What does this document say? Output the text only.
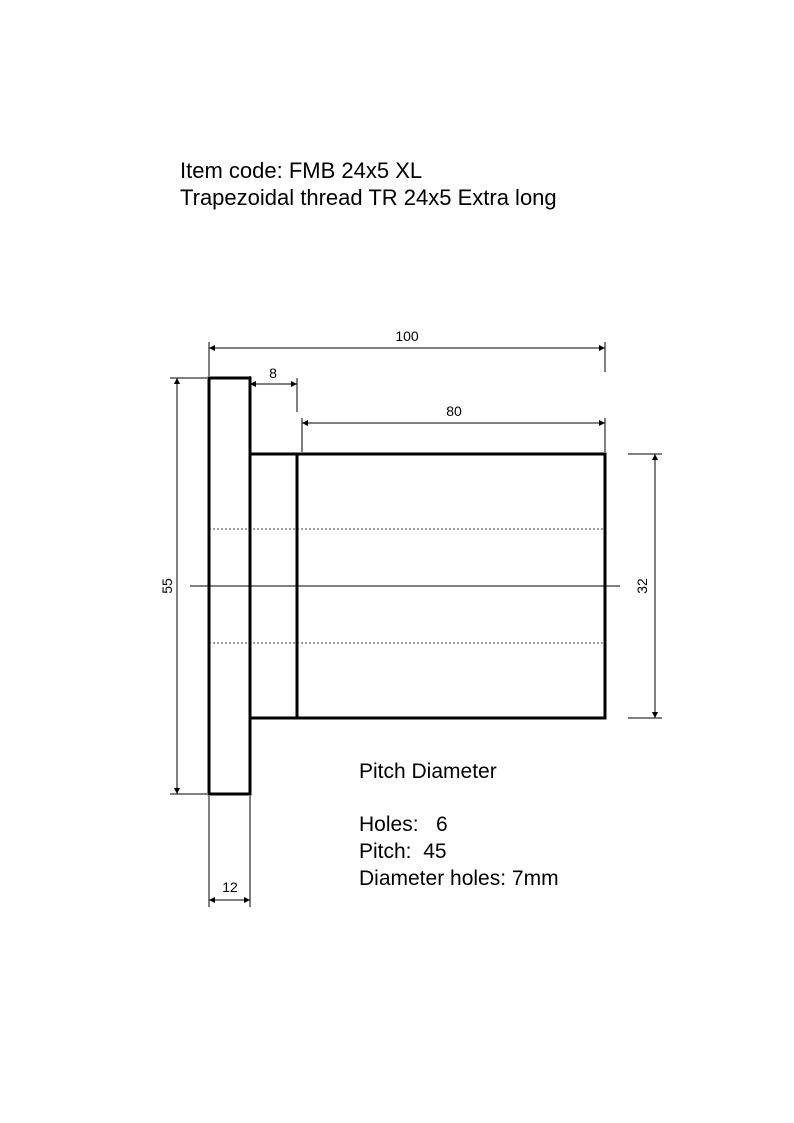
Item code: FMB 24x5 XL
Trapezoidal thread TR 24x5 Extra long
100
8
80
55	32
12
Pitch Diameter
Holes:   6
Pitch:  45
Diameter holes: 7mm
